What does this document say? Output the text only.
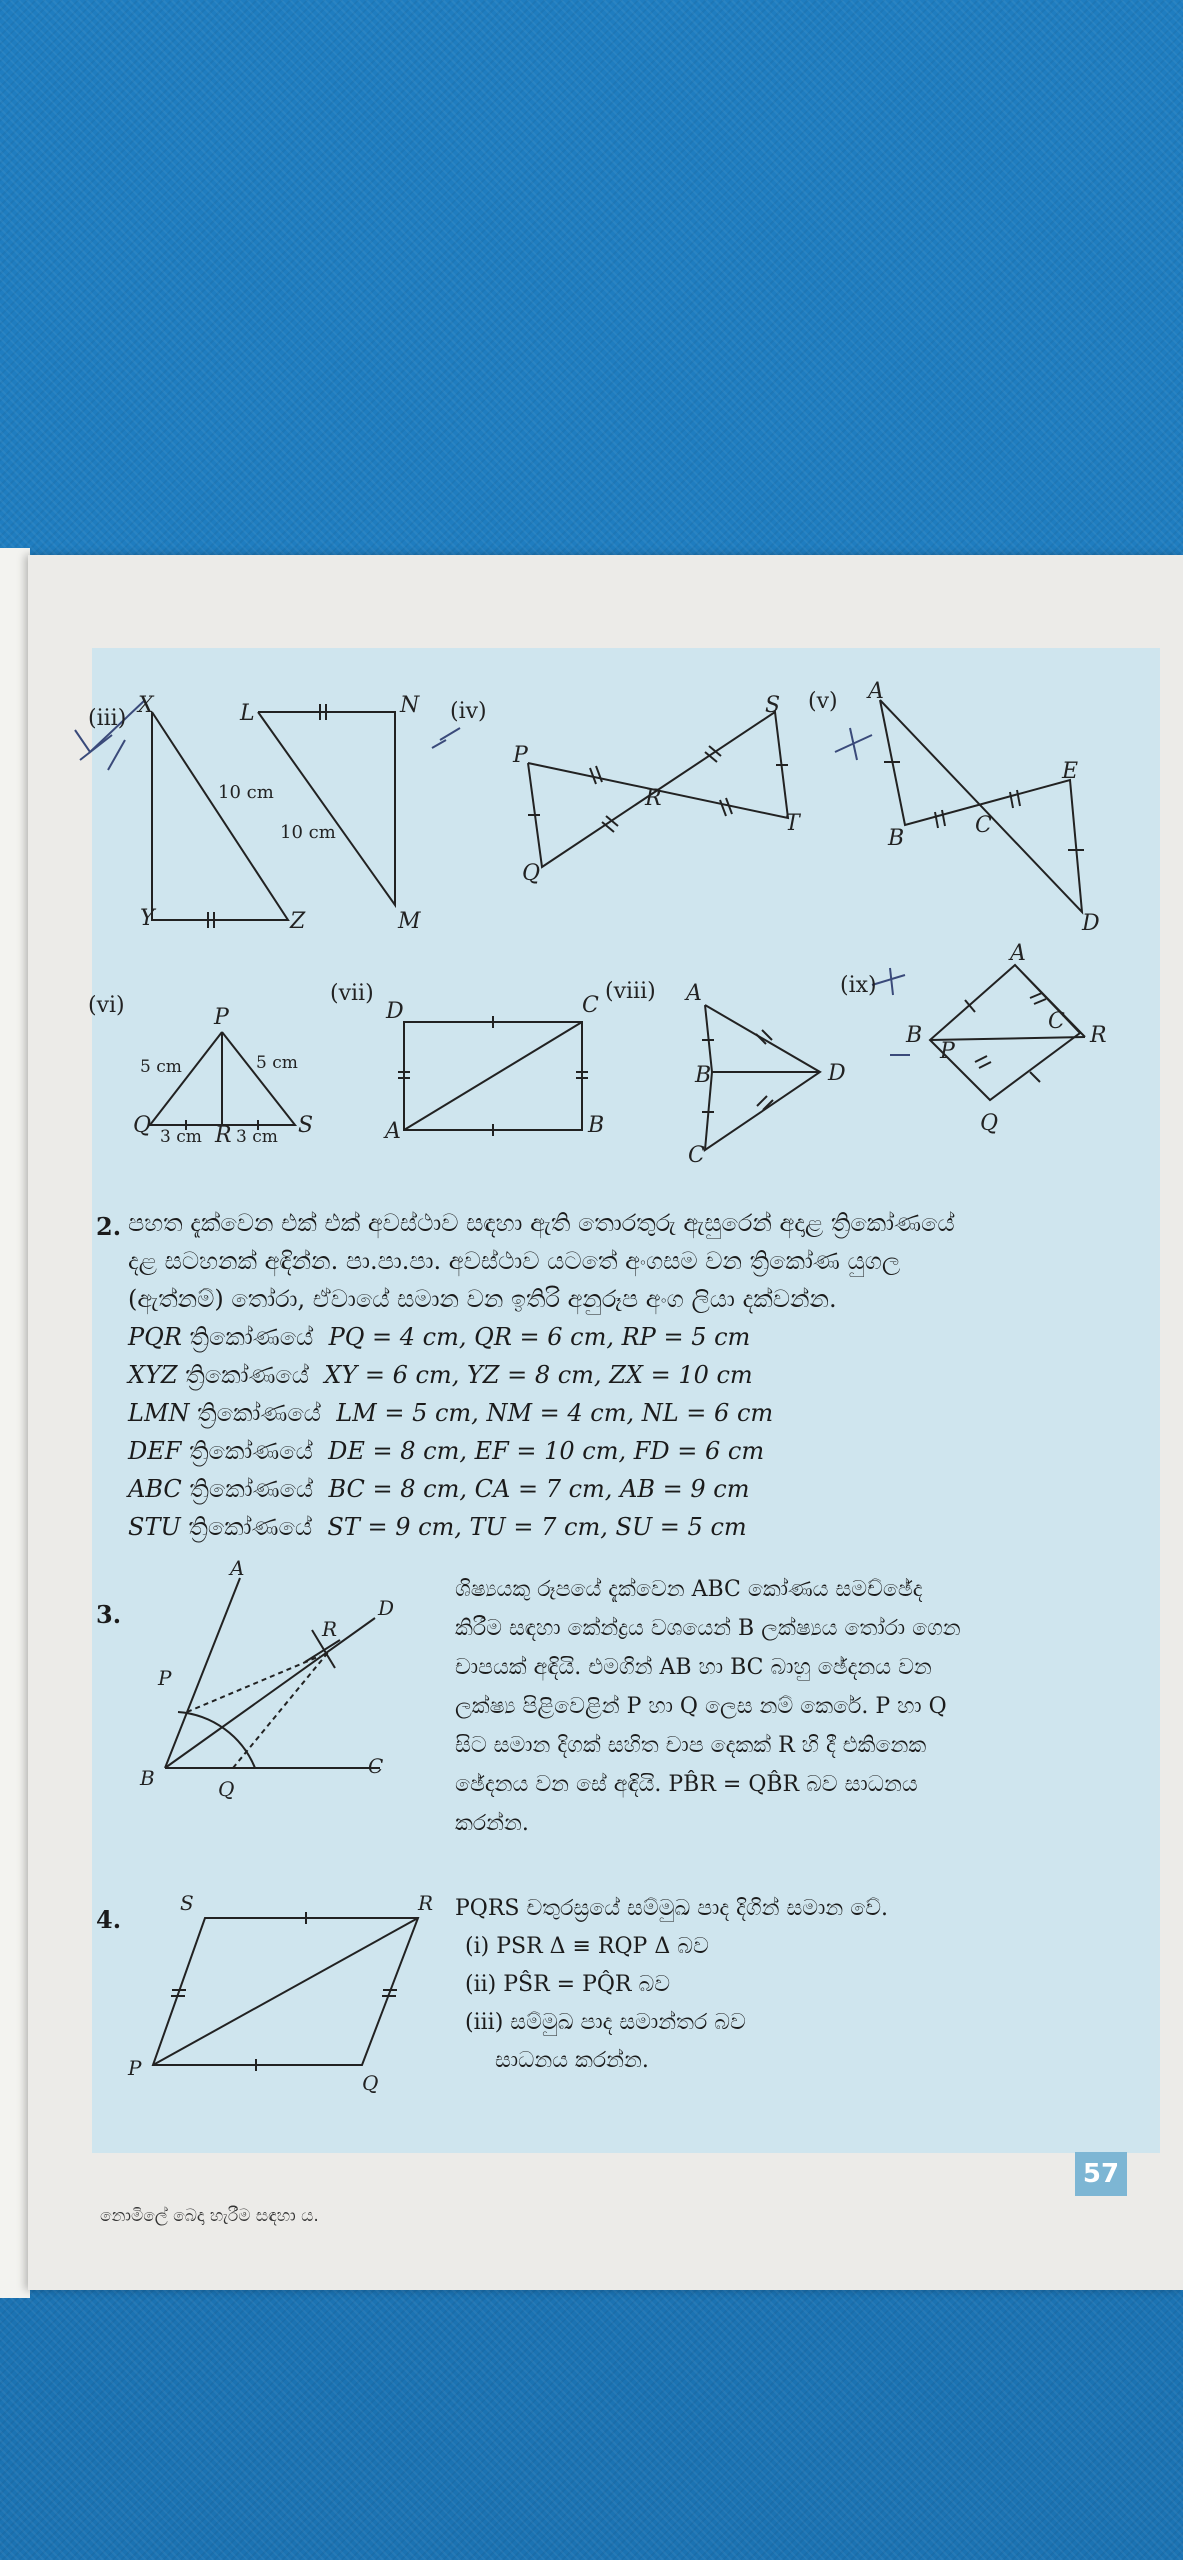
(iii)
X	L	N
Y	Z	M
10 cm
10 cm
(iv)
P
S
R
Q
T
(v) A
E
B
C
D
(vi)	P
Q	R	S
5 cm	5 cm
3 cm 3 cm
(vii)
D	C
A	B
(viii) A
B
C
D
(ix)
A
B
C
R
P
Q
A
D
R
P
B	Q
C
S	R
P
Q
2. පහත දැක්වෙන එක් එක් අවස්ථාව සඳහා ඇති තොරතුරු ඇසුරෙන් අදාළ ත්‍රිකෝණයේ
දළ සටහනක් අඳින්න. පා.පා.පා. අවස්ථාව යටතේ අංගසම වන ත්‍රිකෝණ යුගල
(ඇත්නම්) තෝරා, ඒවායේ සමාන වන ඉතිරි අනුරූප අංග ලියා දක්වන්න.
PQR ත්‍රිකෝණයේ PQ = 4 cm, QR = 6 cm, RP = 5 cm
XYZ ත්‍රිකෝණයේ XY = 6 cm, YZ = 8 cm, ZX = 10 cm
LMN ත්‍රිකෝණයේ LM = 5 cm, NM = 4 cm, NL = 6 cm
DEF ත්‍රිකෝණයේ DE = 8 cm, EF = 10 cm, FD = 6 cm
ABC ත්‍රිකෝණයේ BC = 8 cm, CA = 7 cm, AB = 9 cm
STU ත්‍රිකෝණයේ ST = 9 cm, TU = 7 cm, SU = 5 cm
3.
ශිෂ්‍යයකු රූපයේ දැක්වෙන ABC කෝණය සමච්ඡේද
කිරීම සඳහා කේන්ද්‍රය වශයෙන් B ලක්ෂ්‍යය තෝරා ගෙන
චාපයක් අඳියි. එමගින් AB හා BC බාහු ඡේදනය වන
ලක්ෂ්‍ය පිළිවෙළින් P හා Q ලෙස නම් කෙරේ. P හා Q
සිට සමාන දිගක් සහිත චාප දෙකක් R හි දී එකිනෙක
ඡේදනය වන සේ අඳියි. PB̂R = QB̂R බව සාධනය
කරන්න.
4.	PQRS චතුරස්‍රයේ සම්මුඛ පාද දිගින් සමාන වේ.
(i) PSR Δ ≡ RQP Δ බව
(ii) PŜR = PQ̂R බව
(iii) සම්මුඛ පාද සමාන්තර බව
සාධනය කරන්න.
57
නොමිලේ බෙදා හැරීම සඳහා ය.
